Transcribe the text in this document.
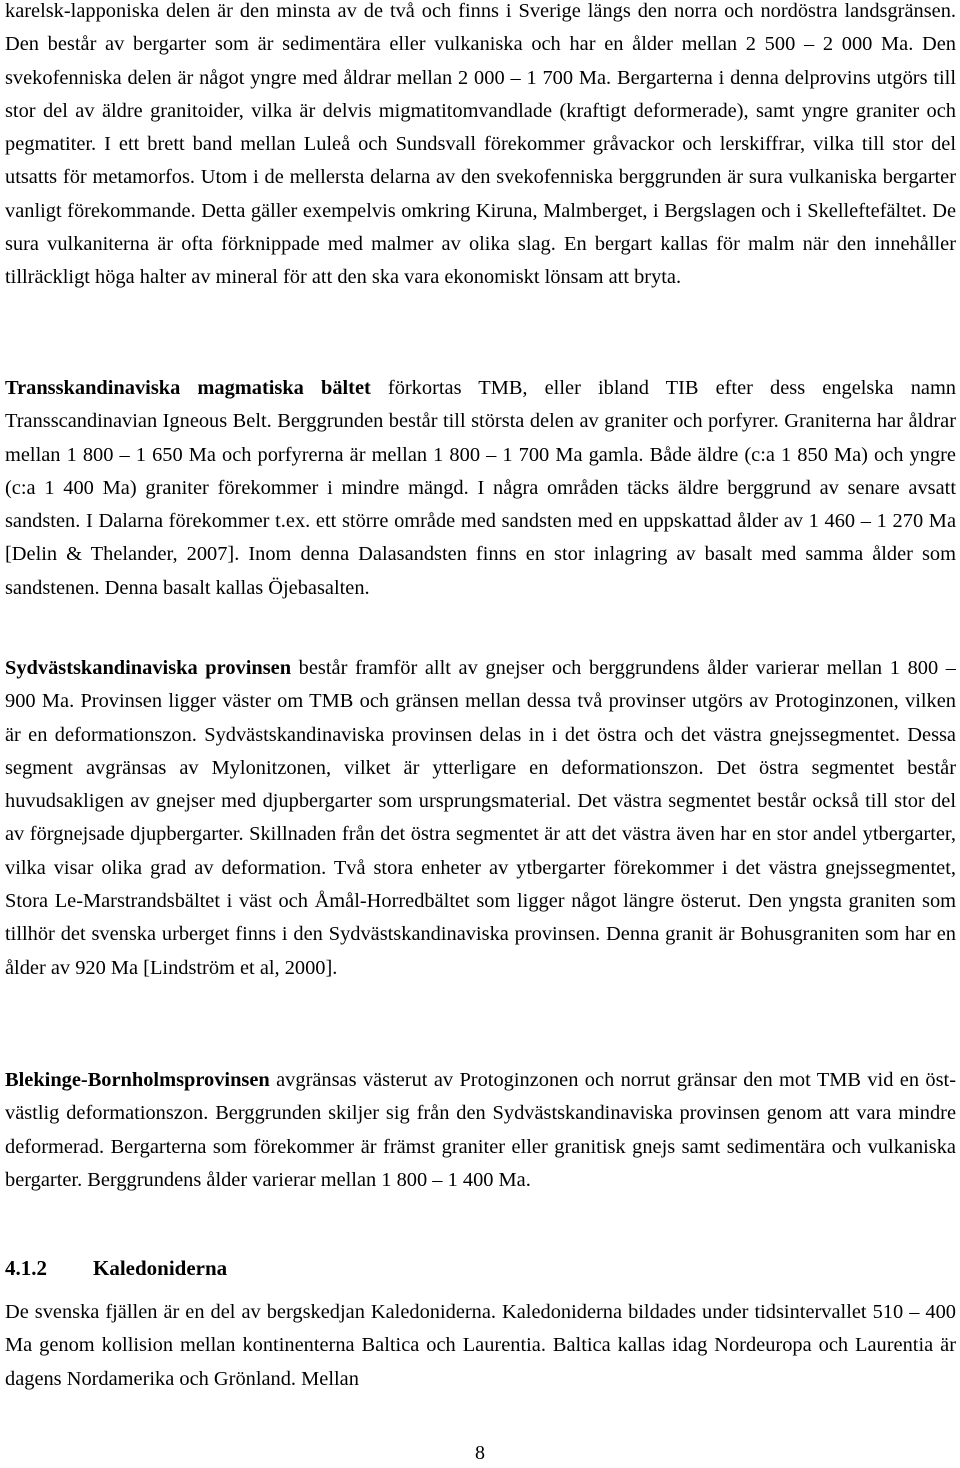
karelsk-lapponiska delen är den minsta av de två och finns i Sverige längs den norra och nordöstra landsgränsen. Den består av bergarter som är sedimentära eller vulkaniska och har en ålder mellan 2 500 – 2 000 Ma. Den svekofenniska delen är något yngre med åldrar mellan 2 000 – 1 700 Ma. Bergarterna i denna delprovins utgörs till stor del av äldre granitoider, vilka är delvis migmatitomvandlade (kraftigt deformerade), samt yngre graniter och pegmatiter. I ett brett band mellan Luleå och Sundsvall förekommer gråvackor och lerskiffrar, vilka till stor del utsatts för metamorfos. Utom i de mellersta delarna av den svekofenniska berggrunden är sura vulkaniska bergarter vanligt förekommande. Detta gäller exempelvis omkring Kiruna, Malmberget, i Bergslagen och i Skelleftefältet. De sura vulkaniterna är ofta förknippade med malmer av olika slag. En bergart kallas för malm när den innehåller tillräckligt höga halter av mineral för att den ska vara ekonomiskt lönsam att bryta.

Transskandinaviska magmatiska bältet förkortas TMB, eller ibland TIB efter dess engelska namn Transscandinavian Igneous Belt. Berggrunden består till största delen av graniter och porfyrer. Graniterna har åldrar mellan 1 800 – 1 650 Ma och porfyrerna är mellan 1 800 – 1 700 Ma gamla. Både äldre (c:a 1 850 Ma) och yngre (c:a 1 400 Ma) graniter förekommer i mindre mängd. I några områden täcks äldre berggrund av senare avsatt sandsten. I Dalarna förekommer t.ex. ett större område med sandsten med en uppskattad ålder av 1 460 – 1 270 Ma [Delin & Thelander, 2007]. Inom denna Dalasandsten finns en stor inlagring av basalt med samma ålder som sandstenen. Denna basalt kallas Öjebasalten.

Sydvästskandinaviska provinsen består framför allt av gnejser och berggrundens ålder varierar mellan 1 800 – 900 Ma. Provinsen ligger väster om TMB och gränsen mellan dessa två provinser utgörs av Protoginzonen, vilken är en deformationszon. Sydvästskandinaviska provinsen delas in i det östra och det västra gnejssegmentet. Dessa segment avgränsas av Mylonitzonen, vilket är ytterligare en deformationszon. Det östra segmentet består huvudsakligen av gnejser med djupbergarter som ursprungsmaterial. Det västra segmentet består också till stor del av förgnejsade djupbergarter. Skillnaden från det östra segmentet är att det västra även har en stor andel ytbergarter, vilka visar olika grad av deformation. Två stora enheter av ytbergarter förekommer i det västra gnejssegmentet, Stora Le-Marstrandsbältet i väst och Åmål-Horredbältet som ligger något längre österut. Den yngsta graniten som tillhör det svenska urberget finns i den Sydvästskandinaviska provinsen. Denna granit är Bohusgraniten som har en ålder av 920 Ma [Lindström et al, 2000].

Blekinge-Bornholmsprovinsen avgränsas västerut av Protoginzonen och norrut gränsar den mot TMB vid en öst-västlig deformationszon. Berggrunden skiljer sig från den Sydvästskandinaviska provinsen genom att vara mindre deformerad. Bergarterna som förekommer är främst graniter eller granitisk gnejs samt sedimentära och vulkaniska bergarter. Berggrundens ålder varierar mellan 1 800 – 1 400 Ma.

4.1.2 Kaledoniderna

De svenska fjällen är en del av bergskedjan Kaledoniderna. Kaledoniderna bildades under tidsintervallet 510 – 400 Ma genom kollision mellan kontinenterna Baltica och Laurentia. Baltica kallas idag Nordeuropa och Laurentia är dagens Nordamerika och Grönland. Mellan

8
